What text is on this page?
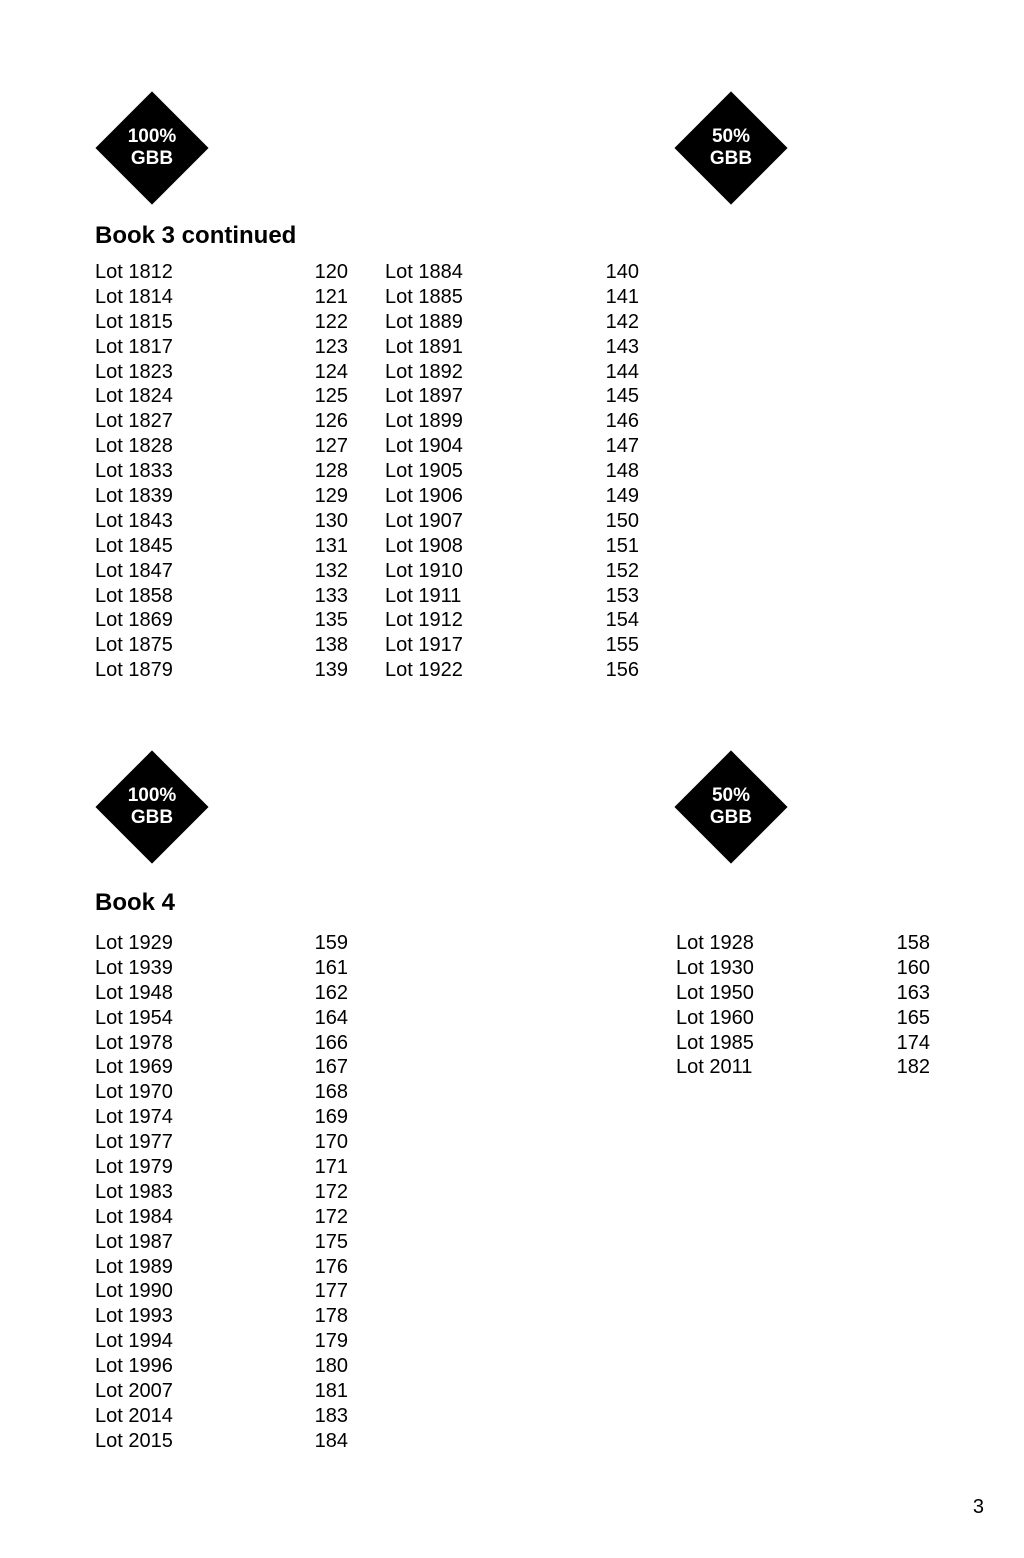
100%
GBB
50%
GBB
Book 3 continued
Lot 1812	120
Lot 1814	121
Lot 1815	122
Lot 1817	123
Lot 1823	124
Lot 1824	125
Lot 1827	126
Lot 1828	127
Lot 1833	128
Lot 1839	129
Lot 1843	130
Lot 1845	131
Lot 1847	132
Lot 1858	133
Lot 1869	135
Lot 1875	138
Lot 1879	139
Lot 1884	140
Lot 1885	141
Lot 1889	142
Lot 1891	143
Lot 1892	144
Lot 1897	145
Lot 1899	146
Lot 1904	147
Lot 1905	148
Lot 1906	149
Lot 1907	150
Lot 1908	151
Lot 1910	152
Lot 1911	153
Lot 1912	154
Lot 1917	155
Lot 1922	156
100%
GBB
50%
GBB
Book 4
Lot 1929	159
Lot 1939	161
Lot 1948	162
Lot 1954	164
Lot 1978	166
Lot 1969	167
Lot 1970	168
Lot 1974	169
Lot 1977	170
Lot 1979	171
Lot 1983	172
Lot 1984	172
Lot 1987	175
Lot 1989	176
Lot 1990	177
Lot 1993	178
Lot 1994	179
Lot 1996	180
Lot 2007	181
Lot 2014	183
Lot 2015	184
Lot 1928	158
Lot 1930	160
Lot 1950	163
Lot 1960	165
Lot 1985	174
Lot 2011	182
3
